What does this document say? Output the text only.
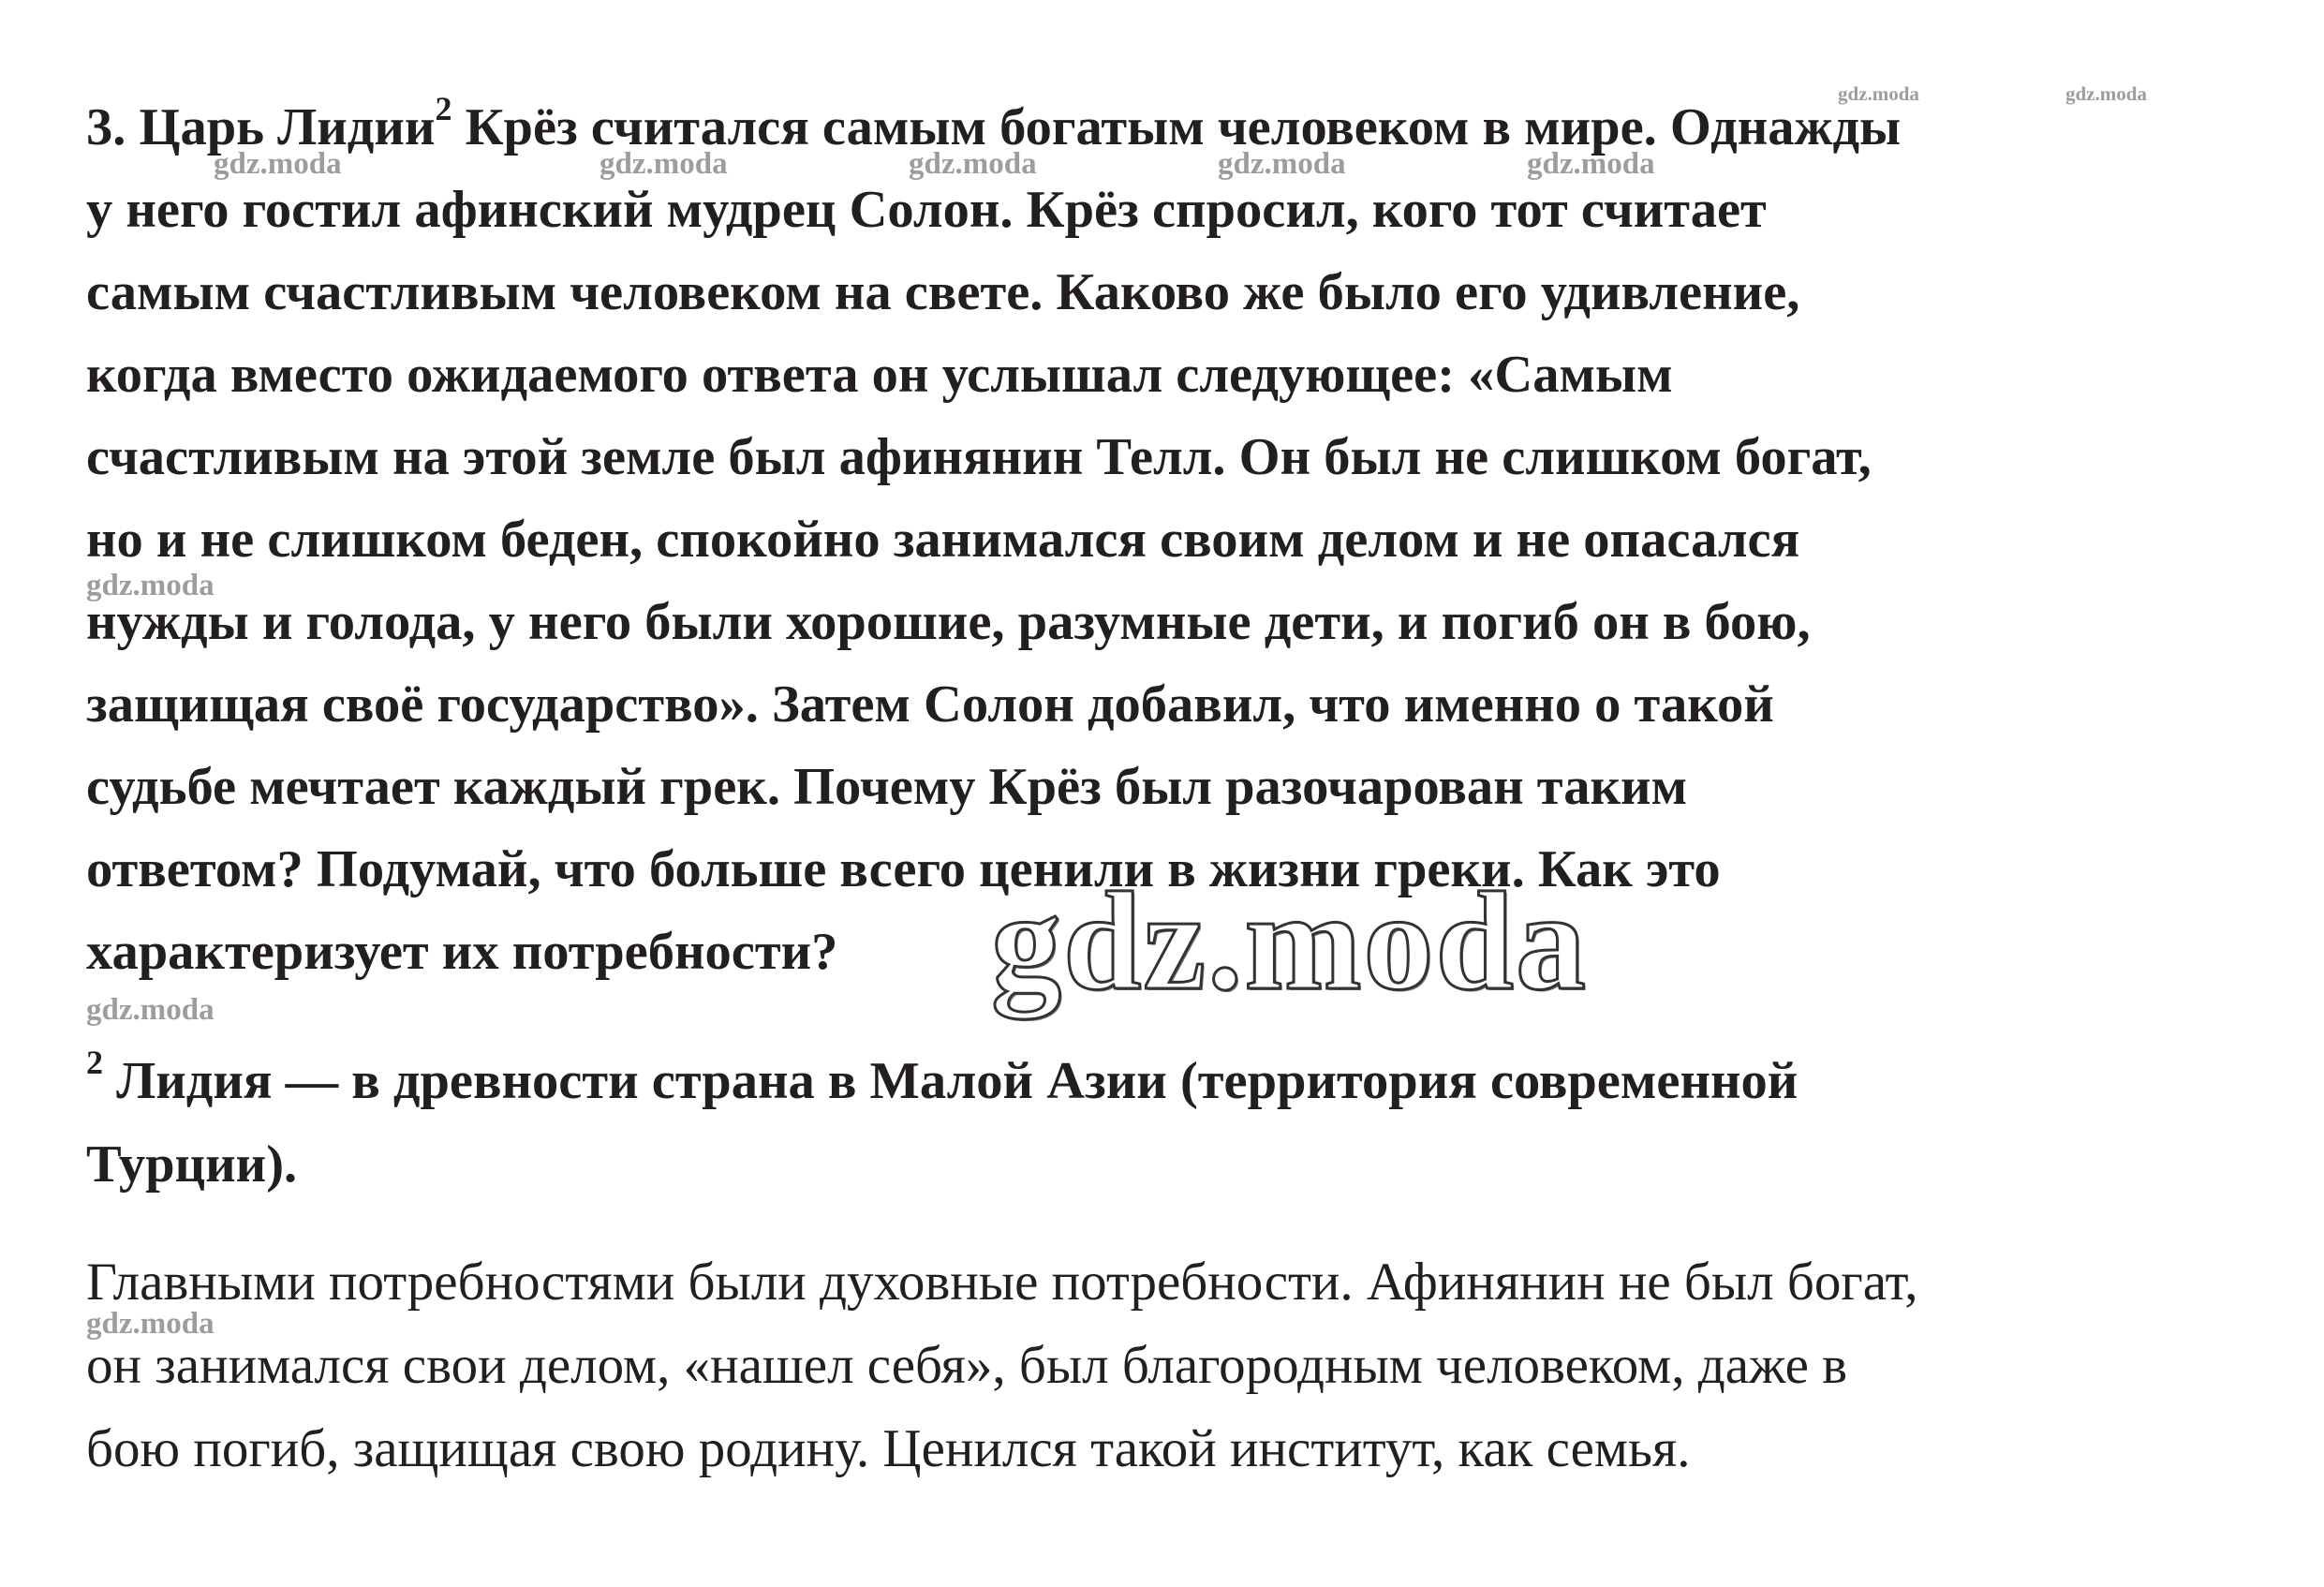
3. Царь Лидии$^2$ Крёз считался самым богатым человеком в мире. Однажды
у него гостил афинский мудрец Солон. Крёз спросил, кого тот считает
самым счастливым человеком на свете. Каково же было его удивление,
когда вместо ожидаемого ответа он услышал следующее: «Самым
счастливым на этой земле был афинянин Телл. Он был не слишком богат,
но и не слишком беден, спокойно занимался своим делом и не опасался
нужды и голода, у него были хорошие, разумные дети, и погиб он в бою,
защищая своё государство». Затем Солон добавил, что именно о такой
судьбе мечтает каждый грек. Почему Крёз был разочарован таким
ответом? Подумай, что больше всего ценили в жизни греки. Как это
характеризует их потребности?

$^2$ Лидия — в древности страна в Малой Азии (территория современной
Турции).

Главными потребностями были духовные потребности. Афинянин не был богат,
он занимался свои делом, «нашел себя», был благородным человеком, даже в
бою погиб, защищая свою родину. Ценился такой институт, как семья.

gdz.moda	gdz.moda
gdz.moda	gdz.moda	gdz.moda	gdz.moda	gdz.moda
gdz.moda
gdz.moda
gdz.moda
gdz.moda
